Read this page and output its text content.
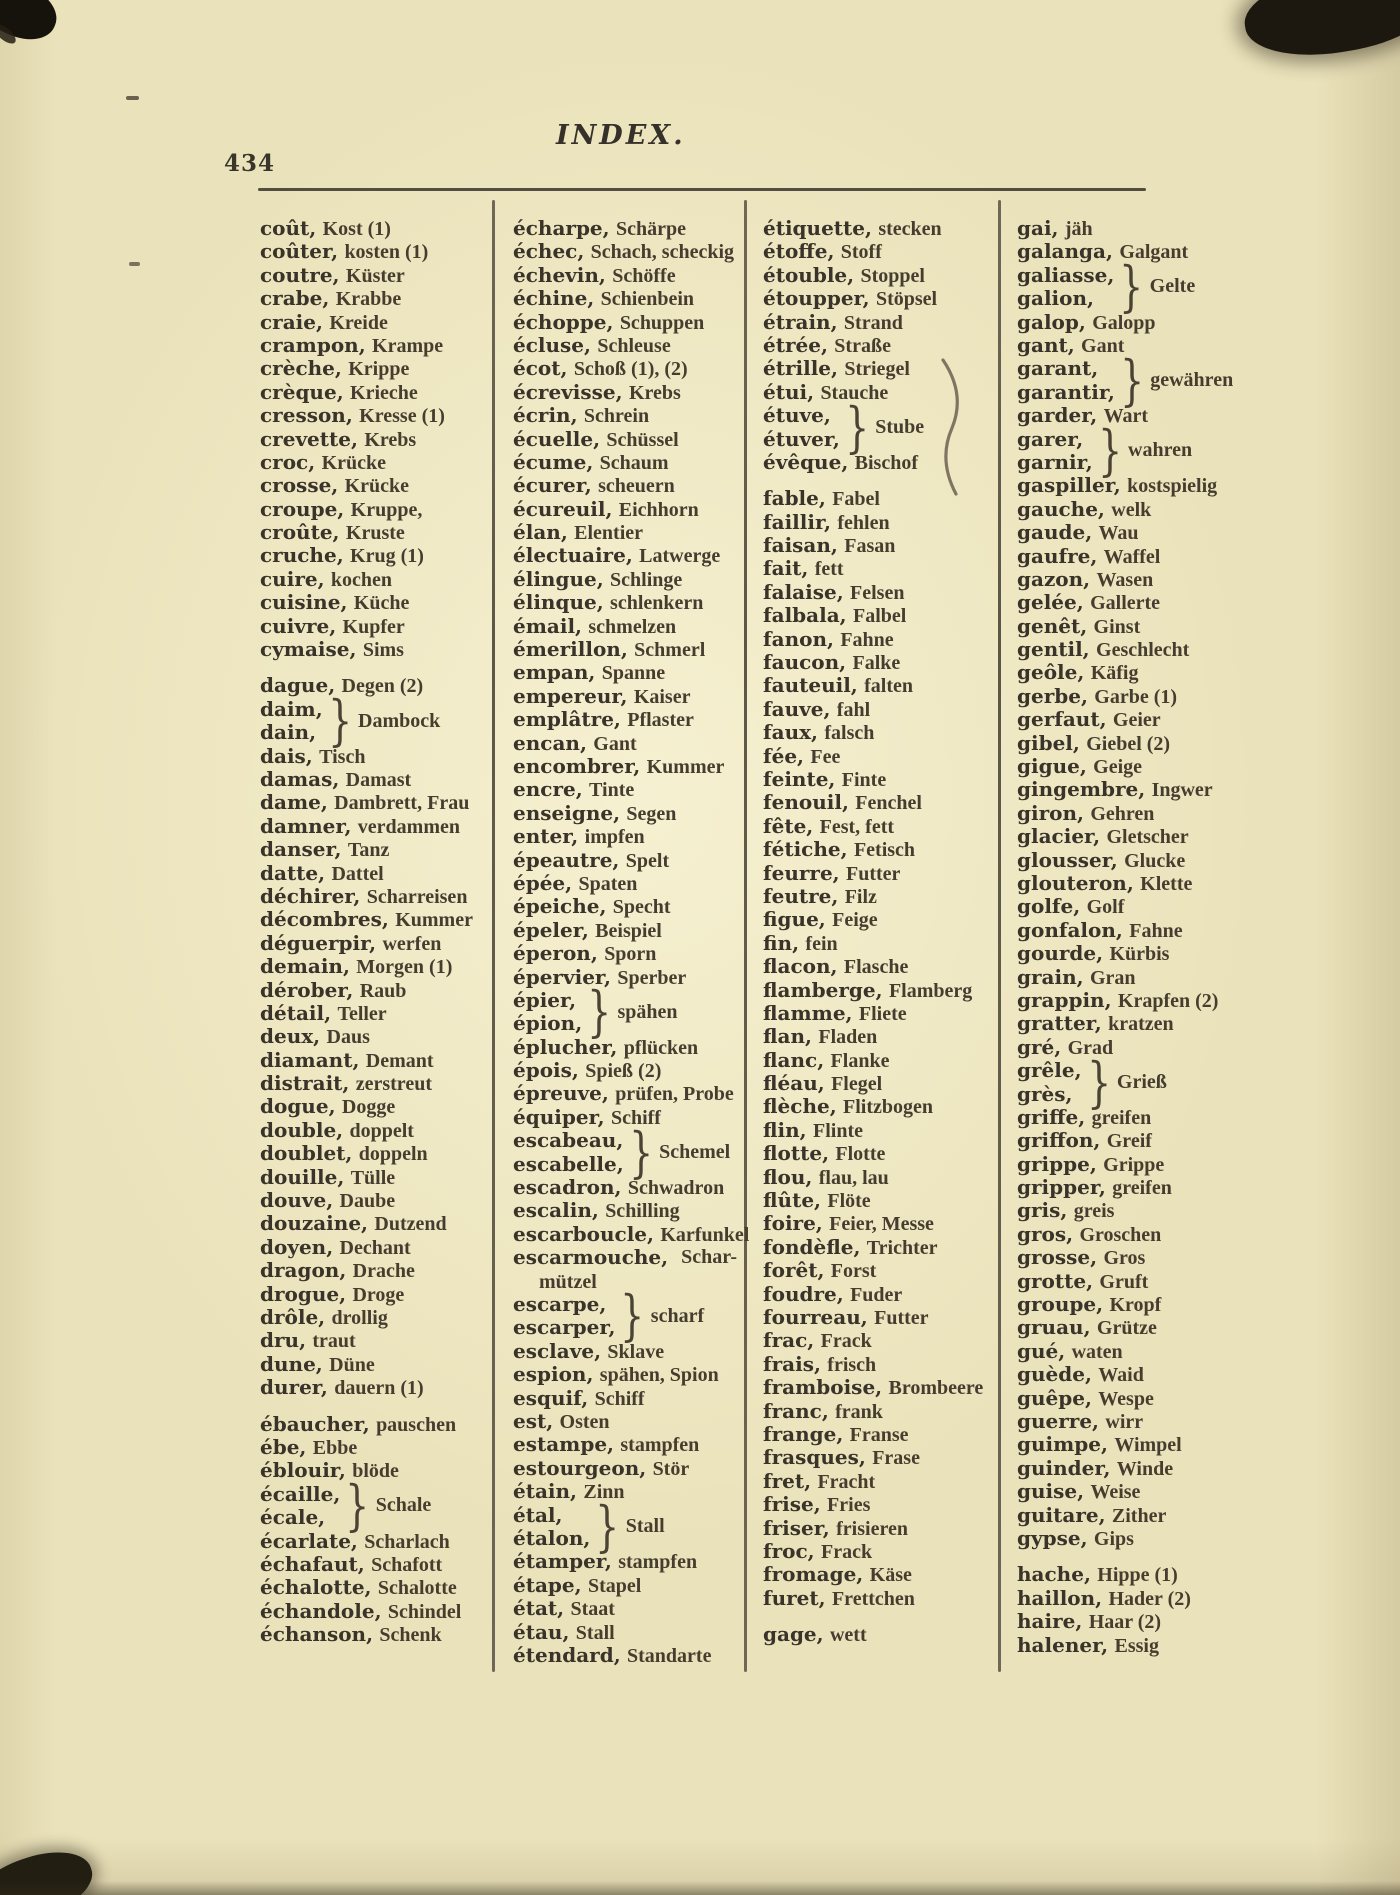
434
INDEX.
coût, Kost (1)
coûter, kosten (1)
coutre, Küster
crabe, Krabbe
craie, Kreide
crampon, Krampe
crèche, Krippe
crèque, Krieche
cresson, Kresse (1)
crevette, Krebs
croc, Krücke
crosse, Krücke
croupe, Kruppe,
croûte, Kruste
cruche, Krug (1)
cuire, kochen
cuisine, Küche
cuivre, Kupfer
cymaise, Sims
dague, Degen (2)
daim,
dain, } Dambock
dais, Tisch
damas, Damast
dame, Dambrett, Frau
damner, verdammen
danser, Tanz
datte, Dattel
déchirer, Scharreisen
décombres, Kummer
déguerpir, werfen
demain, Morgen (1)
dérober, Raub
détail, Teller
deux, Daus
diamant, Demant
distrait, zerstreut
dogue, Dogge
double, doppelt
doublet, doppeln
douille, Tülle
douve, Daube
douzaine, Dutzend
doyen, Dechant
dragon, Drache
drogue, Droge
drôle, drollig
dru, traut
dune, Düne
durer, dauern (1)
ébaucher, pauschen
ébe, Ebbe
éblouir, blöde
écaille,
écale, } Schale
écarlate, Scharlach
échafaut, Schafott
échalotte, Schalotte
échandole, Schindel
échanson, Schenk
écharpe, Schärpe
échec, Schach, scheckig
échevin, Schöffe
échine, Schienbein
échoppe, Schuppen
écluse, Schleuse
écot, Schoß (1), (2)
écrevisse, Krebs
écrin, Schrein
écuelle, Schüssel
écume, Schaum
écurer, scheuern
écureuil, Eichhorn
élan, Elentier
électuaire, Latwerge
élingue, Schlinge
élinque, schlenkern
émail, schmelzen
émerillon, Schmerl
empan, Spanne
empereur, Kaiser
emplâtre, Pflaster
encan, Gant
encombrer, Kummer
encre, Tinte
enseigne, Segen
enter, impfen
épeautre, Spelt
épée, Spaten
épeiche, Specht
épeler, Beispiel
éperon, Sporn
épervier, Sperber
épier,
épion, } spähen
éplucher, pflücken
épois, Spieß (2)
épreuve, prüfen, Probe
équiper, Schiff
escabeau,
escabelle, } Schemel
escadron, Schwadron
escalin, Schilling
escarboucle, Karfunkel
escarmouche, Schar-
mützel
escarpe,
escarper, } scharf
esclave, Sklave
espion, spähen, Spion
esquif, Schiff
est, Osten
estampe, stampfen
estourgeon, Stör
étain, Zinn
étal,
étalon, } Stall
étamper, stampfen
étape, Stapel
état, Staat
étau, Stall
étendard, Standarte
étiquette, stecken
étoffe, Stoff
étouble, Stoppel
étoupper, Stöpsel
étrain, Strand
étrée, Straße
étrille, Striegel
étui, Stauche
étuve,
étuver, } Stube
évêque, Bischof
fable, Fabel
faillir, fehlen
faisan, Fasan
fait, fett
falaise, Felsen
falbala, Falbel
fanon, Fahne
faucon, Falke
fauteuil, falten
fauve, fahl
faux, falsch
fée, Fee
feinte, Finte
fenouil, Fenchel
fête, Fest, fett
fétiche, Fetisch
feurre, Futter
feutre, Filz
figue, Feige
fin, fein
flacon, Flasche
flamberge, Flamberg
flamme, Fliete
flan, Fladen
flanc, Flanke
fléau, Flegel
flèche, Flitzbogen
flin, Flinte
flotte, Flotte
flou, flau, lau
flûte, Flöte
foire, Feier, Messe
fondèfle, Trichter
forêt, Forst
foudre, Fuder
fourreau, Futter
frac, Frack
frais, frisch
framboise, Brombeere
franc, frank
frange, Franse
frasques, Frase
fret, Fracht
frise, Fries
friser, frisieren
froc, Frack
fromage, Käse
furet, Frettchen
gage, wett
gai, jäh
galanga, Galgant
galiasse,
galion, } Gelte
galop, Galopp
gant, Gant
garant,
garantir, } gewähren
garder, Wart
garer,
garnir, } wahren
gaspiller, kostspielig
gauche, welk
gaude, Wau
gaufre, Waffel
gazon, Wasen
gelée, Gallerte
genêt, Ginst
gentil, Geschlecht
geôle, Käfig
gerbe, Garbe (1)
gerfaut, Geier
gibel, Giebel (2)
gigue, Geige
gingembre, Ingwer
giron, Gehren
glacier, Gletscher
glousser, Glucke
glouteron, Klette
golfe, Golf
gonfalon, Fahne
gourde, Kürbis
grain, Gran
grappin, Krapfen (2)
gratter, kratzen
gré, Grad
grêle,
grès, } Grieß
griffe, greifen
griffon, Greif
grippe, Grippe
gripper, greifen
gris, greis
gros, Groschen
grosse, Gros
grotte, Gruft
groupe, Kropf
gruau, Grütze
gué, waten
guède, Waid
guêpe, Wespe
guerre, wirr
guimpe, Wimpel
guinder, Winde
guise, Weise
guitare, Zither
gypse, Gips
hache, Hippe (1)
haillon, Hader (2)
haire, Haar (2)
halener, Essig
